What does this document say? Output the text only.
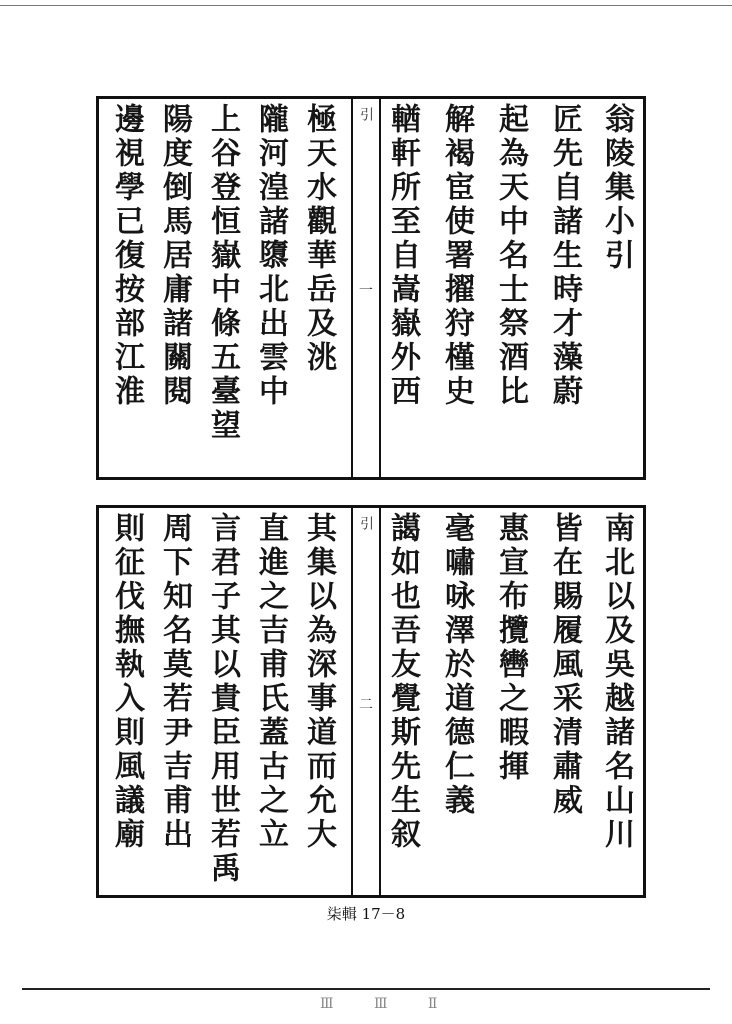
翁陵集小引
匠先自諸生時才藻蔚
起為天中名士祭酒比
解褐宦使署擢狩槿史
輶軒所至自嵩嶽外西
引
一
極天水觀華岳及洮
隴河湟諸隳北出雲中
上谷登恒嶽中條五臺望
陽度倒馬居庸諸關閱
邊視學已復按部江淮
南北以及吳越諸名山川
皆在賜履風采清肅威
惠宣布攬轡之暇揮
毫嘯咏澤於道德仁義
譪如也吾友覺斯先生叙
引
二
其集以為深事道而允大
直進之吉甫氏蓋古之立
言君子其以貴臣用世若禹
周下知名莫若尹吉甫出
則征伐撫執入則風議廟
柒輯 17－8
Ⅲ Ⅲ Ⅱ
